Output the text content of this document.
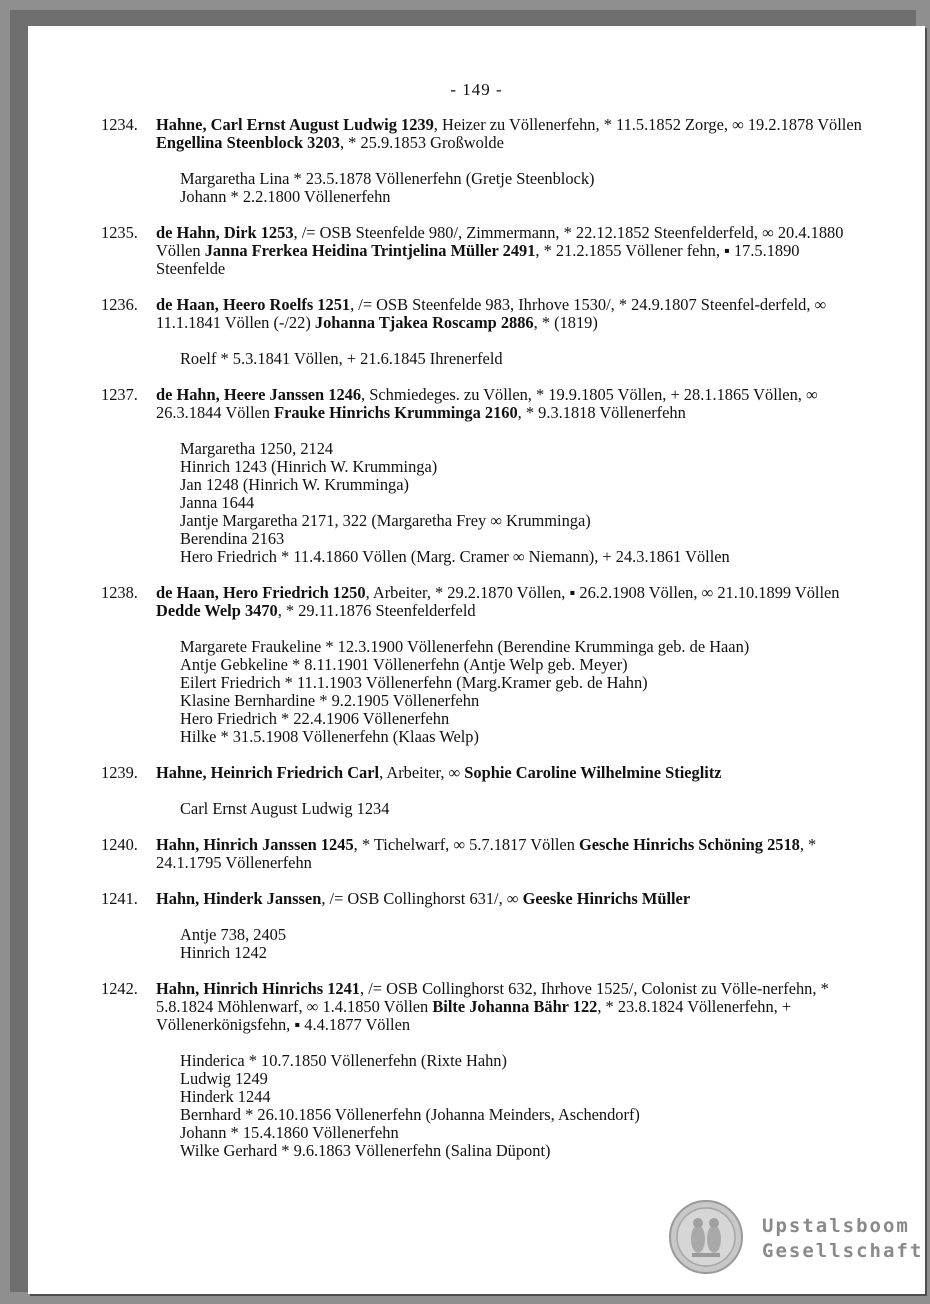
- 149 -
1234. Hahne, Carl Ernst August Ludwig 1239, Heizer zu Völlenerfehn, * 11.5.1852 Zorge, ∞ 19.2.1878 Völlen Engellina Steenblock 3203, * 25.9.1853 Großwolde
Margaretha Lina * 23.5.1878 Völlenerfehn (Gretje Steenblock)
Johann * 2.2.1800 Völlenerfehn
1235. de Hahn, Dirk 1253, /= OSB Steenfelde 980/, Zimmermann, * 22.12.1852 Steenfelderfeld, ∞ 20.4.1880 Völlen Janna Frerkea Heidina Trintjelina Müller 2491, * 21.2.1855 Völlener fehn, ▪ 17.5.1890 Steenfelde
1236. de Haan, Heero Roelfs 1251, /= OSB Steenfelde 983, Ihrhove 1530/, * 24.9.1807 Steenfel-derfeld, ∞ 11.1.1841 Völlen (-/22) Johanna Tjakea Roscamp 2886, * (1819)
Roelf * 5.3.1841 Völlen, + 21.6.1845 Ihrenerfeld
1237. de Hahn, Heere Janssen 1246, Schmiedeges. zu Völlen, * 19.9.1805 Völlen, + 28.1.1865 Völlen, ∞ 26.3.1844 Völlen Frauke Hinrichs Krumminga 2160, * 9.3.1818 Völlenerfehn
Margaretha 1250, 2124
Hinrich 1243 (Hinrich W. Krumminga)
Jan 1248 (Hinrich W. Krumminga)
Janna 1644
Jantje Margaretha 2171, 322 (Margaretha Frey ∞ Krumminga)
Berendina 2163
Hero Friedrich * 11.4.1860 Völlen (Marg. Cramer ∞ Niemann), + 24.3.1861 Völlen
1238. de Haan, Hero Friedrich 1250, Arbeiter, * 29.2.1870 Völlen, ▪ 26.2.1908 Völlen, ∞ 21.10.1899 Völlen Dedde Welp 3470, * 29.11.1876 Steenfelderfeld
Margarete Fraukeline * 12.3.1900 Völlenerfehn (Berendine Krumminga geb. de Haan)
Antje Gebkeline * 8.11.1901 Völlenerfehn (Antje Welp geb. Meyer)
Eilert Friedrich * 11.1.1903 Völlenerfehn (Marg.Kramer geb. de Hahn)
Klasine Bernhardine * 9.2.1905 Völlenerfehn
Hero Friedrich * 22.4.1906 Völlenerfehn
Hilke * 31.5.1908 Völlenerfehn (Klaas Welp)
1239. Hahne, Heinrich Friedrich Carl, Arbeiter, ∞ Sophie Caroline Wilhelmine Stieglitz
Carl Ernst August Ludwig 1234
1240. Hahn, Hinrich Janssen 1245, * Tichelwarf, ∞ 5.7.1817 Völlen Gesche Hinrichs Schöning 2518, * 24.1.1795 Völlenerfehn
1241. Hahn, Hinderk Janssen, /= OSB Collinghorst 631/, ∞ Geeske Hinrichs Müller
Antje 738, 2405
Hinrich 1242
1242. Hahn, Hinrich Hinrichs 1241, /= OSB Collinghorst 632, Ihrhove 1525/, Colonist zu Völle-nerfehn, * 5.8.1824 Möhlenwarf, ∞ 1.4.1850 Völlen Bilte Johanna Bähr 122, * 23.8.1824 Völlenerfehn, + Völlenerkönigsfehn, ▪ 4.4.1877 Völlen
Hinderica * 10.7.1850 Völlenerfehn (Rixte Hahn)
Ludwig 1249
Hinderk 1244
Bernhard * 26.10.1856 Völlenerfehn (Johanna Meinders, Aschendorf)
Johann * 15.4.1860 Völlenerfehn
Wilke Gerhard * 9.6.1863 Völlenerfehn (Salina Düpont)
Upstalsboom
Gesellschaft
